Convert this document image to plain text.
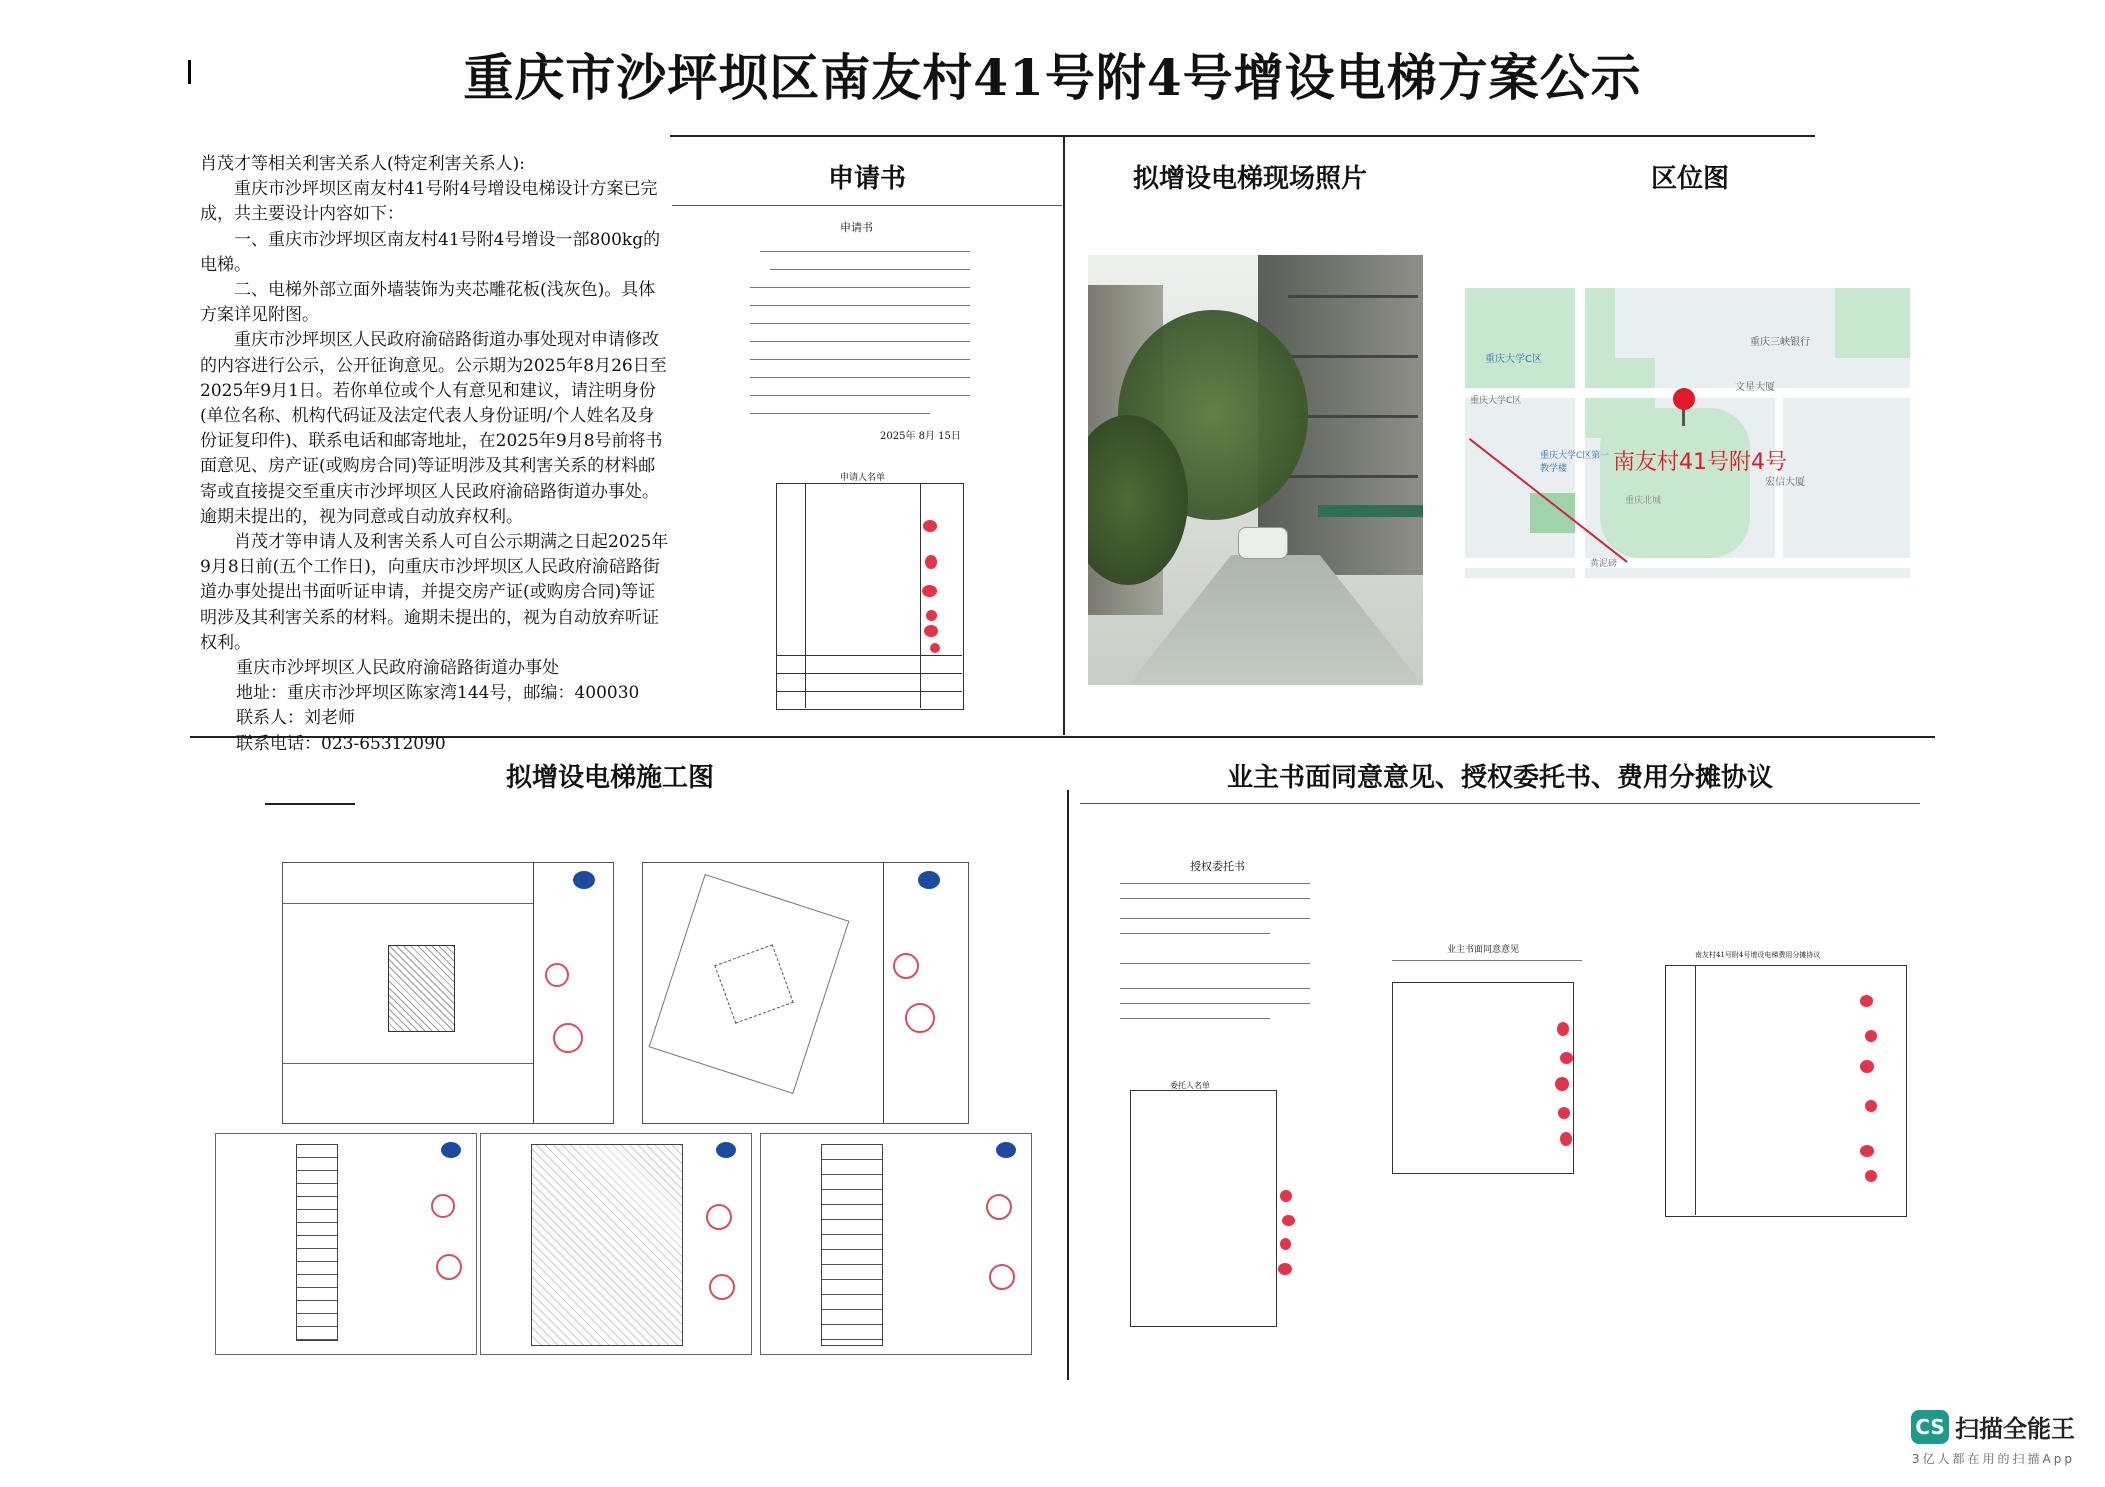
重庆市沙坪坝区南友村41号附4号增设电梯方案公示

肖茂才等相关利害关系人(特定利害关系人):

重庆市沙坪坝区南友村41号附4号增设电梯设计方案已完成，共主要设计内容如下：

一、重庆市沙坪坝区南友村41号附4号增设一部800kg的电梯。

二、电梯外部立面外墙装饰为夹芯雕花板(浅灰色)。具体方案详见附图。

重庆市沙坪坝区人民政府渝碚路街道办事处现对申请修改的内容进行公示，公开征询意见。公示期为2025年8月26日至2025年9月1日。若你单位或个人有意见和建议，请注明身份(单位名称、机构代码证及法定代表人身份证明/个人姓名及身份证复印件)、联系电话和邮寄地址，在2025年9月8号前将书面意见、房产证(或购房合同)等证明涉及其利害关系的材料邮寄或直接提交至重庆市沙坪坝区人民政府渝碚路街道办事处。逾期未提出的，视为同意或自动放弃权利。

肖茂才等申请人及利害关系人可自公示期满之日起2025年9月8日前(五个工作日)，向重庆市沙坪坝区人民政府渝碚路街道办事处提出书面听证申请，并提交房产证(或购房合同)等证明涉及其利害关系的材料。逾期未提出的，视为自动放弃听证权利。

重庆市沙坪坝区人民政府渝碚路街道办事处

地址：重庆市沙坪坝区陈家湾144号，邮编：400030

联系人：刘老师

联系电话：023-65312090

申请书	拟增设电梯现场照片	区位图
拟增设电梯施工图	业主书面同意意见、授权委托书、费用分摊协议
申请书
2025年 8月 15日
申请人名单
重庆三峡银行
重庆大学C区
文星大厦
重庆大学C区
重庆大学C区第一教学楼
重庆北城
宏信大厦
黄泥磅
南友村41号附4号
授权委托书
委托人名单
业主书面同意意见	南友村41号附4号增设电梯费用分摊协议
CS 扫描全能王
3亿人都在用的扫描App
